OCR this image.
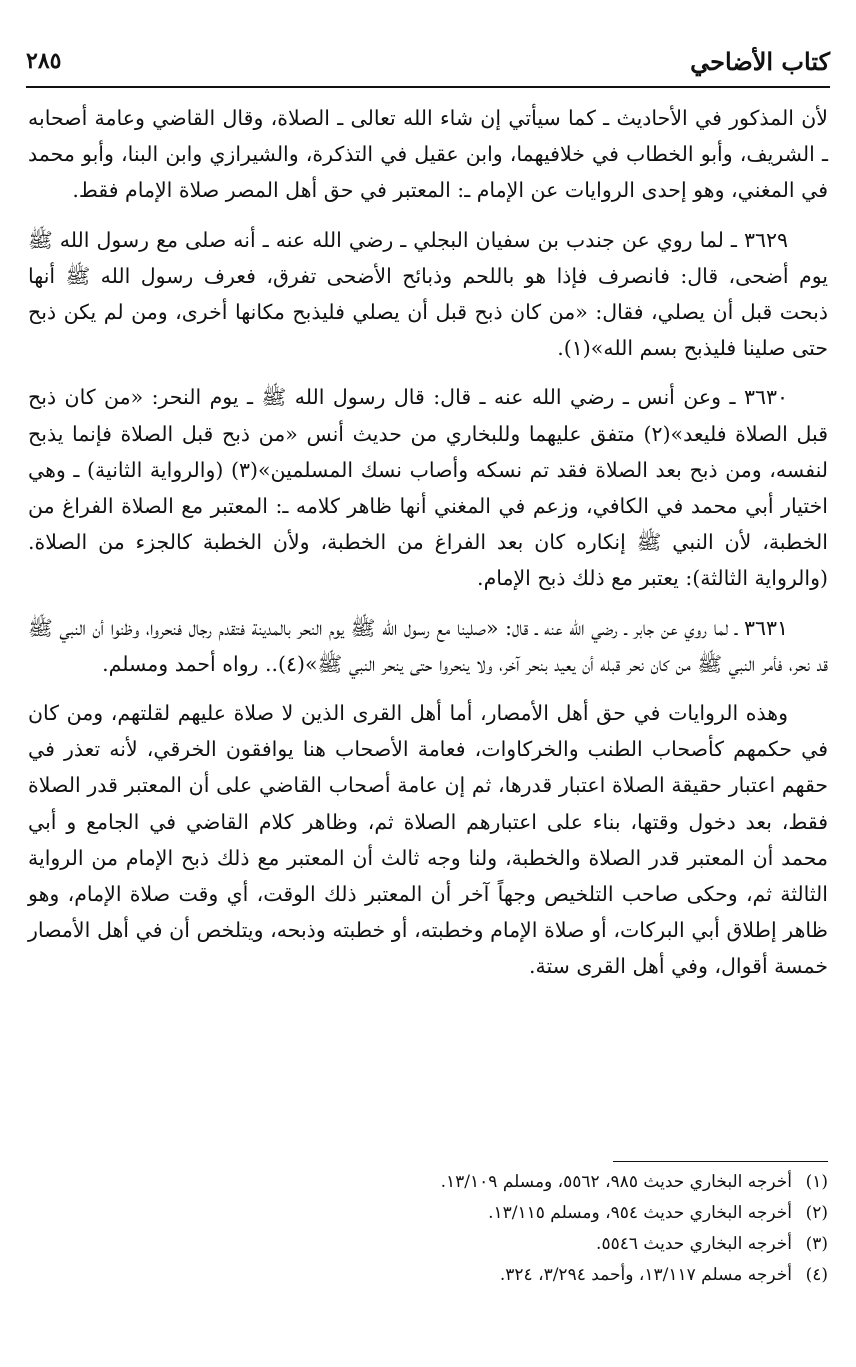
كتاب الأضاحي
٢٨٥

لأن المذكور في الأحاديث ـ كما سيأتي إن شاء الله تعالى ـ الصلاة، وقال القاضي وعامة أصحابه ـ الشريف، وأبو الخطاب في خلافيهما، وابن عقيل في التذكرة، والشيرازي وابن البنا، وأبو محمد في المغني، وهو إحدى الروايات عن الإمام ـ: المعتبر في حق أهل المصر صلاة الإمام فقط.

٣٦٢٩ ـ لما روي عن جندب بن سفيان البجلي ـ رضي الله عنه ـ أنه صلى مع رسول الله ﷺ يوم أضحى، قال: فانصرف فإذا هو باللحم وذبائح الأضحى تفرق، فعرف رسول الله ﷺ أنها ذبحت قبل أن يصلي، فقال: «من كان ذبح قبل أن يصلي فليذبح مكانها أخرى، ومن لم يكن ذبح حتى صلينا فليذبح بسم الله»(١).

٣٦٣٠ ـ وعن أنس ـ رضي الله عنه ـ قال: قال رسول الله ﷺ ـ يوم النحر: «من كان ذبح قبل الصلاة فليعد»(٢) متفق عليهما وللبخاري من حديث أنس «من ذبح قبل الصلاة فإنما يذبح لنفسه، ومن ذبح بعد الصلاة فقد تم نسكه وأصاب نسك المسلمين»(٣) (والرواية الثانية) ـ وهي اختيار أبي محمد في الكافي، وزعم في المغني أنها ظاهر كلامه ـ: المعتبر مع الصلاة الفراغ من الخطبة، لأن النبي ﷺ إنكاره كان بعد الفراغ من الخطبة، ولأن الخطبة كالجزء من الصلاة. (والرواية الثالثة): يعتبر مع ذلك ذبح الإمام.

٣٦٣١ ـ لما روي عن جابر ـ رضي الله عنه ـ قال: «صلينا مع رسول الله ﷺ يوم النحر بالمدينة فتقدم رجال فنحروا، وظنوا أن النبي ﷺ قد نحر، فأمر النبي ﷺ من كان نحر قبله أن يعيد بنحر آخر، ولا ينحروا حتى ينحر النبي ﷺ»(٤).. رواه أحمد ومسلم.

وهذه الروايات في حق أهل الأمصار، أما أهل القرى الذين لا صلاة عليهم لقلتهم، ومن كان في حكمهم كأصحاب الطنب والخركاوات، فعامة الأصحاب هنا يوافقون الخرقي، لأنه تعذر في حقهم اعتبار حقيقة الصلاة اعتبار قدرها، ثم إن عامة أصحاب القاضي على أن المعتبر قدر الصلاة فقط، بعد دخول وقتها، بناء على اعتبارهم الصلاة ثم، وظاهر كلام القاضي في الجامع و أبي محمد أن المعتبر قدر الصلاة والخطبة، ولنا وجه ثالث أن المعتبر مع ذلك ذبح الإمام من الرواية الثالثة ثم، وحكى صاحب التلخيص وجهاً آخر أن المعتبر ذلك الوقت، أي وقت صلاة الإمام، وهو ظاهر إطلاق أبي البركات، أو صلاة الإمام وخطبته، أو خطبته وذبحه، ويتلخص أن في أهل الأمصار خمسة أقوال، وفي أهل القرى ستة.

(١)
أخرجه البخاري حديث ٩٨٥، ٥٥٦٢، ومسلم ١٣/١٠٩.
(٢)
أخرجه البخاري حديث ٩٥٤، ومسلم ١٣/١١٥.
(٣)
أخرجه البخاري حديث ٥٥٤٦.
(٤)
أخرجه مسلم ١٣/١١٧، وأحمد ٣/٢٩٤، ٣٢٤.
